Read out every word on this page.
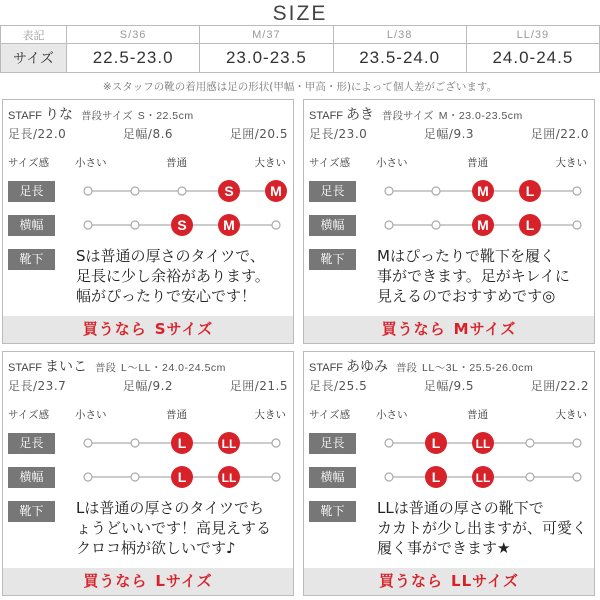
SIZE
表記	S/36	M/37	L/38	LL/39
サイズ	22.5-23.0	23.0-23.5	23.5-24.0	24.0-24.5
※スタッフの靴の着用感は足の形状(甲幅・甲高・形)によって個人差がございます。
STAFF りな 普段サイズ S・22.5cm
足長/22.0	足幅/8.6	足囲/20.5
サイズ感 小さい	普通	大きい
足長	S	M
横幅	S	M
靴下	Sは普通の厚さのタイツで、
足長に少し余裕があります。
幅がぴったりで安心です！
買うなら Sサイズ
STAFF あき 普段サイズ M・23.0-23.5cm
足長/23.0	足幅/9.3	足囲/22.0
サイズ感 小さい	普通	大きい
足長	M	L
横幅	M	L
靴下	Mはぴったりで靴下を履く
事ができます。足がキレイに
見えるのでおすすめです◎
買うなら Mサイズ
STAFF まいこ 普段 L〜LL・24.0-24.5cm
足長/23.7	足幅/9.2	足囲/21.5
サイズ感 小さい	普通	大きい
足長	L	LL
横幅	L	LL
靴下	Lは普通の厚さのタイツでち
ょうどいいです！高見えする
クロコ柄が欲しいです♪
買うなら Lサイズ
STAFF あゆみ 普段 LL〜3L・25.5-26.0cm
足長/25.5	足幅/9.5	足囲/22.2
サイズ感 小さい	普通	大きい
足長	L	LL
横幅	L	LL
靴下	LLは普通の厚さの靴下で
カカトが少し出ますが、可愛く
履く事ができます★
買うなら LLサイズ
